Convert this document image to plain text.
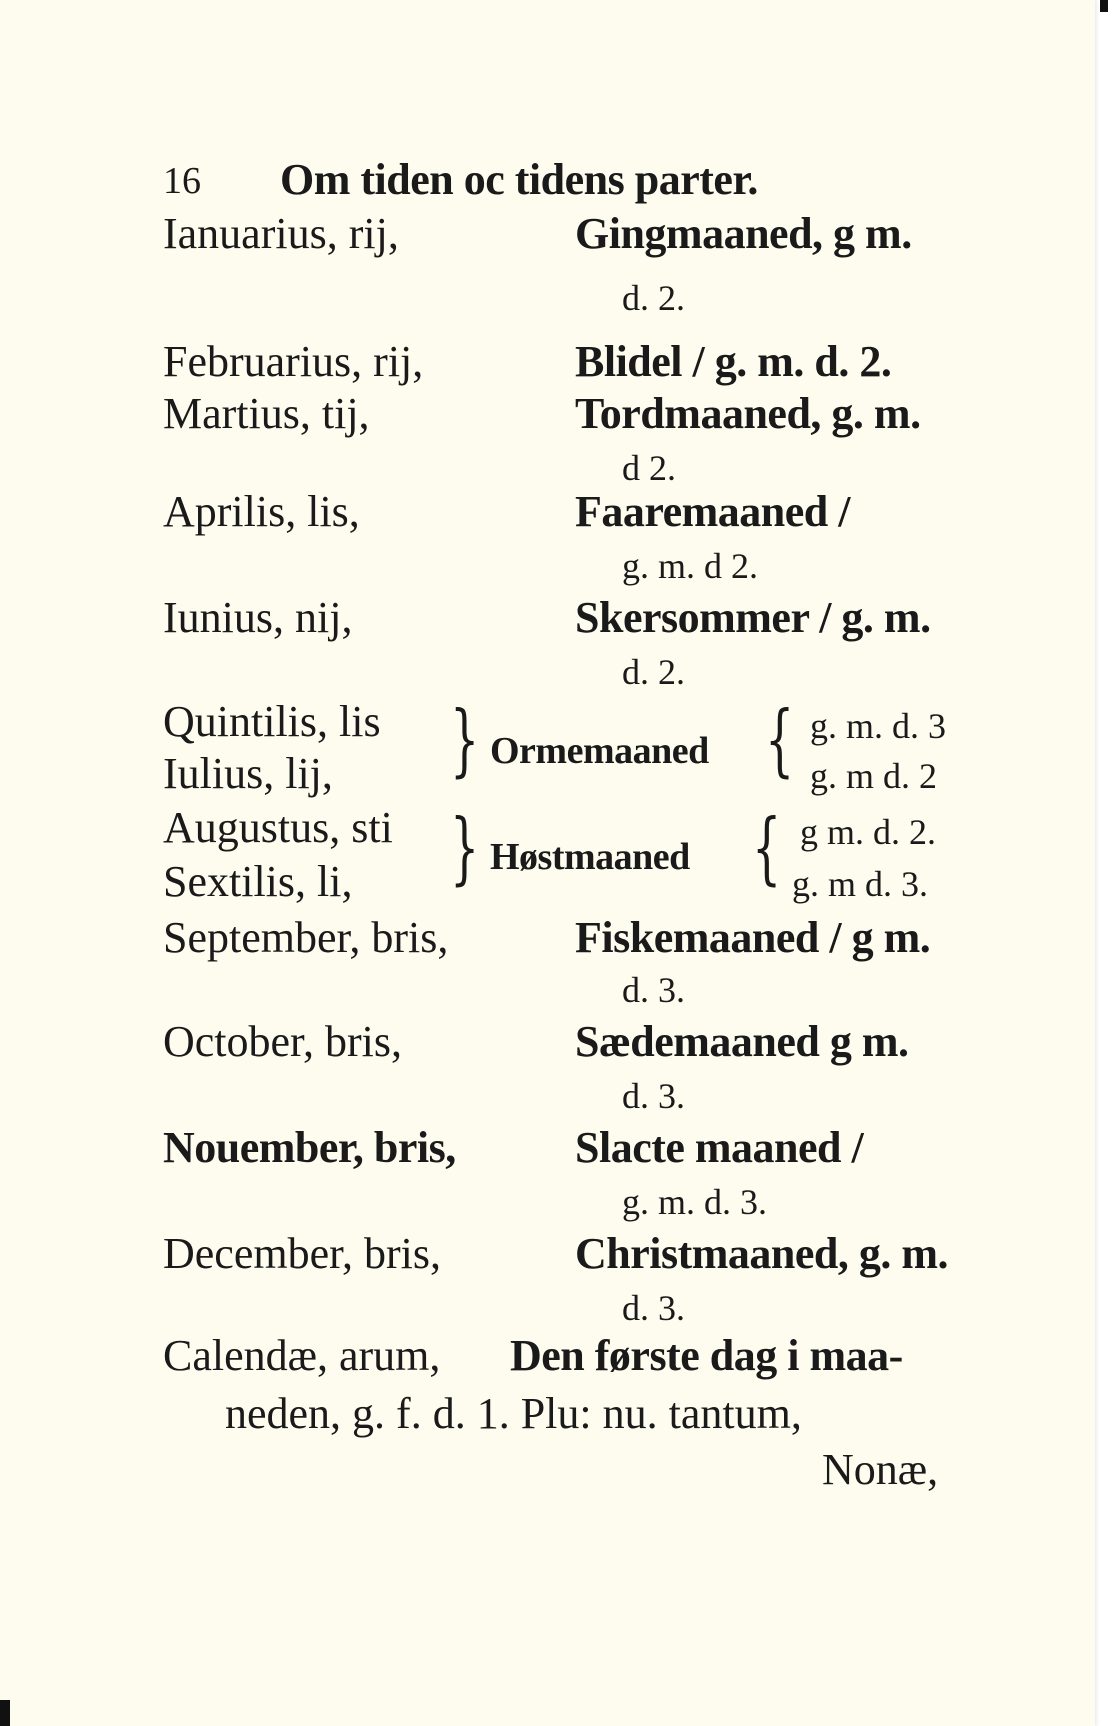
16 Om tiden oc tidens parter.
Ianuarius, rij,	Gingmaaned, g m.
d. 2.
Februarius, rij,	Blidel / g. m. d. 2.
Martius, tij,	Tordmaaned, g. m.
d 2.
Aprilis, lis,	Faaremaaned /
g. m. d 2.
Iunius, nij,	Skersommer / g. m.
d. 2.
Quintilis, lis
Iulius, lij,	} Ormemaaned { g. m. d. 3
g. m d. 2
Augustus, sti
Sextilis, li, } Høstmaaned { g m. d. 2.
g. m d. 3.
September, bris,	Fiskemaaned / g m.
d. 3.
October, bris,	Sædemaaned g m.
d. 3.
Nouember, bris,	Slacte maaned /
g. m. d. 3.
December, bris,	Christmaaned, g. m.
d. 3.
Calendæ, arum, Den første dag i maa-
neden, g. f. d. 1. Plu: nu. tantum,
Nonæ,
